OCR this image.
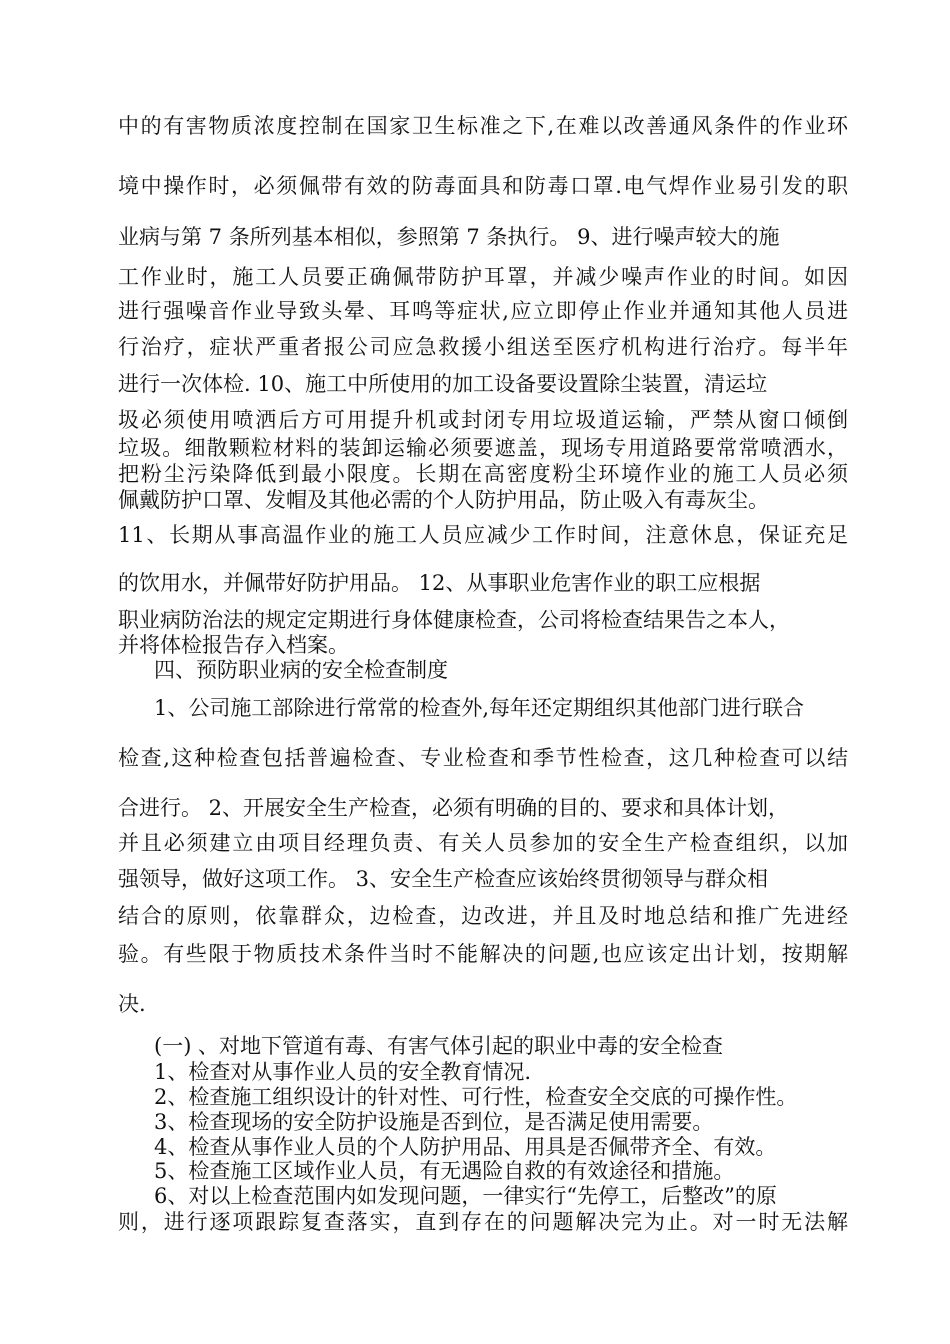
中的有害物质浓度控制在国家卫生标准之下,在难以改善通风条件的作业环

境中操作时，必须佩带有效的防毒面具和防毒口罩.电气焊作业易引发的职

业病与第 7 条所列基本相似，参照第 7 条执行。 9、进行噪声较大的施

工作业时，施工人员要正确佩带防护耳罩，并减少噪声作业的时间。如因

进行强噪音作业导致头晕、耳鸣等症状,应立即停止作业并通知其他人员进

行治疗，症状严重者报公司应急救援小组送至医疗机构进行治疗。每半年

进行一次体检. 10、施工中所使用的加工设备要设置除尘装置，清运垃

圾必须使用喷洒后方可用提升机或封闭专用垃圾道运输，严禁从窗口倾倒

垃圾。细散颗粒材料的装卸运输必须要遮盖，现场专用道路要常常喷洒水，

把粉尘污染降低到最小限度。长期在高密度粉尘环境作业的施工人员必须

佩戴防护口罩、发帽及其他必需的个人防护用品，防止吸入有毒灰尘。

11、长期从事高温作业的施工人员应减少工作时间，注意休息，保证充足

的饮用水，并佩带好防护用品。 12、从事职业危害作业的职工应根据

职业病防治法的规定定期进行身体健康检查，公司将检查结果告之本人，

并将体检报告存入档案。

四、预防职业病的安全检查制度

1、公司施工部除进行常常的检查外,每年还定期组织其他部门进行联合

检查,这种检查包括普遍检查、专业检查和季节性检查，这几种检查可以结

合进行。 2、开展安全生产检查，必须有明确的目的、要求和具体计划，

并且必须建立由项目经理负责、有关人员参加的安全生产检查组织，以加

强领导，做好这项工作。 3、安全生产检查应该始终贯彻领导与群众相

结合的原则，依靠群众，边检查，边改进，并且及时地总结和推广先进经

验。有些限于物质技术条件当时不能解决的问题,也应该定出计划，按期解

决.

(一) 、对地下管道有毒、有害气体引起的职业中毒的安全检查

1、检查对从事作业人员的安全教育情况.

2、检查施工组织设计的针对性、可行性，检查安全交底的可操作性。

3、检查现场的安全防护设施是否到位，是否满足使用需要。

4、检查从事作业人员的个人防护用品、用具是否佩带齐全、有效。

5、检查施工区域作业人员，有无遇险自救的有效途径和措施。

6、对以上检查范围内如发现问题，一律实行“先停工，后整改”的原

则，进行逐项跟踪复查落实，直到存在的问题解决完为止。对一时无法解
